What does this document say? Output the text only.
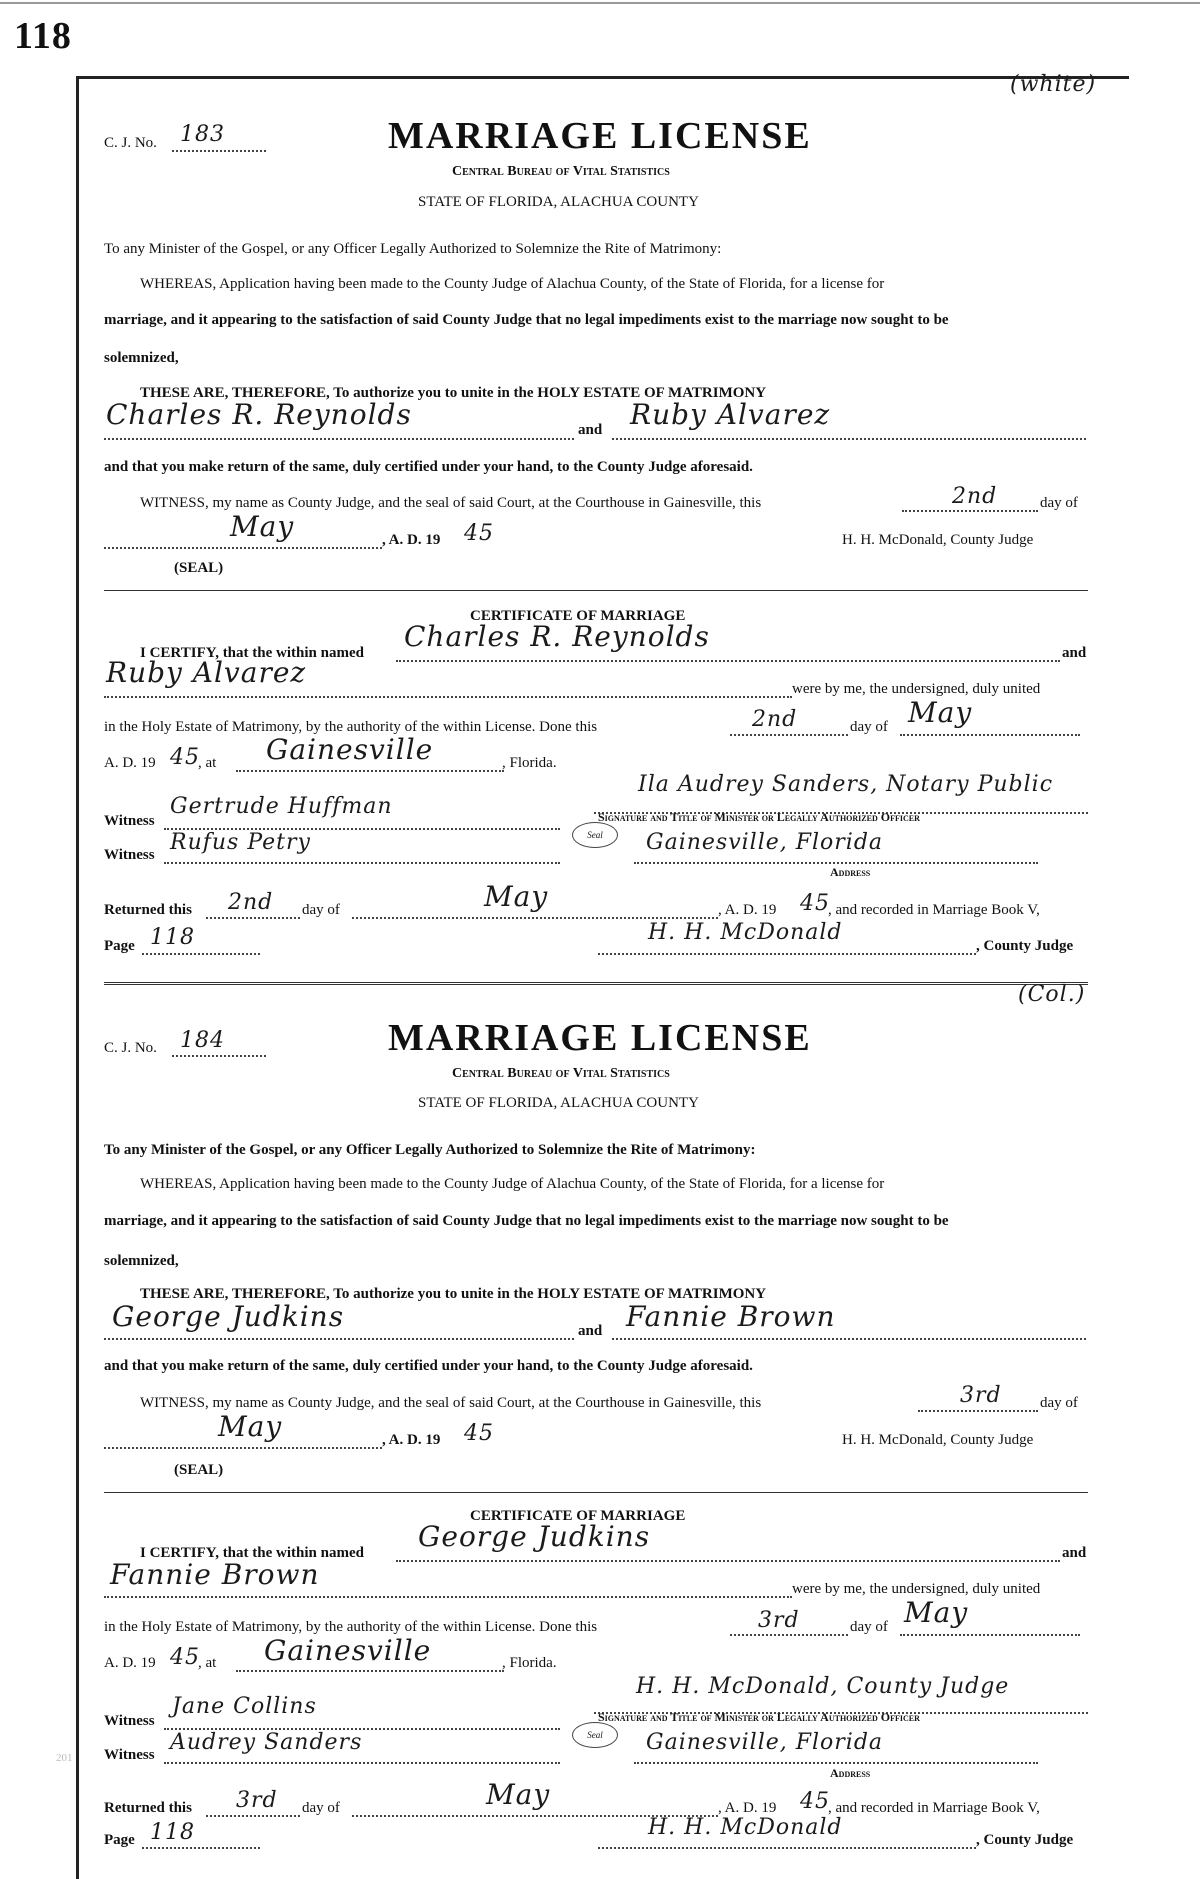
118
201
(white)
C. J. No. 183	MARRIAGE LICENSE
Central Bureau of Vital Statistics
STATE OF FLORIDA, ALACHUA COUNTY
To any Minister of the Gospel, or any Officer Legally Authorized to Solemnize the Rite of Matrimony:
WHEREAS, Application having been made to the County Judge of Alachua County, of the State of Florida, for a license for
marriage, and it appearing to the satisfaction of said County Judge that no legal impediments exist to the marriage now sought to be
solemnized,
THESE ARE, THEREFORE, To authorize you to unite in the HOLY ESTATE OF MATRIMONY
Charles R. Reynolds	and Ruby Alvarez
and that you make return of the same, duly certified under your hand, to the County Judge aforesaid.
WITNESS, my name as County Judge, and the seal of said Court, at the Courthouse in Gainesville, this	2nd	day of
May	, A. D. 19 45	H. H. McDonald, County Judge
(SEAL)
CERTIFICATE OF MARRIAGE
I CERTIFY, that the within named Charles R. Reynolds	and
Ruby Alvarez	were by me, the undersigned, duly united
in the Holy Estate of Matrimony, by the authority of the within License. Done this	2nd	day of May
A. D. 19 45
, at Gainesville	, Florida.
Ila Audrey Sanders, Notary Public
Witness
Gertrude Huffman	Signature and Title of Minister or Legally Authorized Officer
Seal
Witness Rufus Petry	Gainesville, Florida
Address
Returned this 2nd day of	May	, A. D. 19 45
, and recorded in Marriage Book V,
Page 118	H. H. McDonald
, County Judge
(Col.)
C. J. No. 184	MARRIAGE LICENSE
Central Bureau of Vital Statistics
STATE OF FLORIDA, ALACHUA COUNTY
To any Minister of the Gospel, or any Officer Legally Authorized to Solemnize the Rite of Matrimony:
WHEREAS, Application having been made to the County Judge of Alachua County, of the State of Florida, for a license for
marriage, and it appearing to the satisfaction of said County Judge that no legal impediments exist to the marriage now sought to be
solemnized,
THESE ARE, THEREFORE, To authorize you to unite in the HOLY ESTATE OF MATRIMONY
George Judkins	and Fannie Brown
and that you make return of the same, duly certified under your hand, to the County Judge aforesaid.
WITNESS, my name as County Judge, and the seal of said Court, at the Courthouse in Gainesville, this	3rd	day of
May	, A. D. 19 45	H. H. McDonald, County Judge
(SEAL)
CERTIFICATE OF MARRIAGE
I CERTIFY, that the within named George Judkins	and
Fannie Brown	were by me, the undersigned, duly united
in the Holy Estate of Matrimony, by the authority of the within License. Done this	3rd	day of May
A. D. 19 45
, at Gainesville	, Florida.
H. H. McDonald, County Judge
Witness
Jane Collins	Signature and Title of Minister or Legally Authorized Officer
Seal
Witness Audrey Sanders	Gainesville, Florida
Address
Returned this 3rd day of	May	, A. D. 19 45
, and recorded in Marriage Book V,
Page 118	H. H. McDonald	, County Judge
